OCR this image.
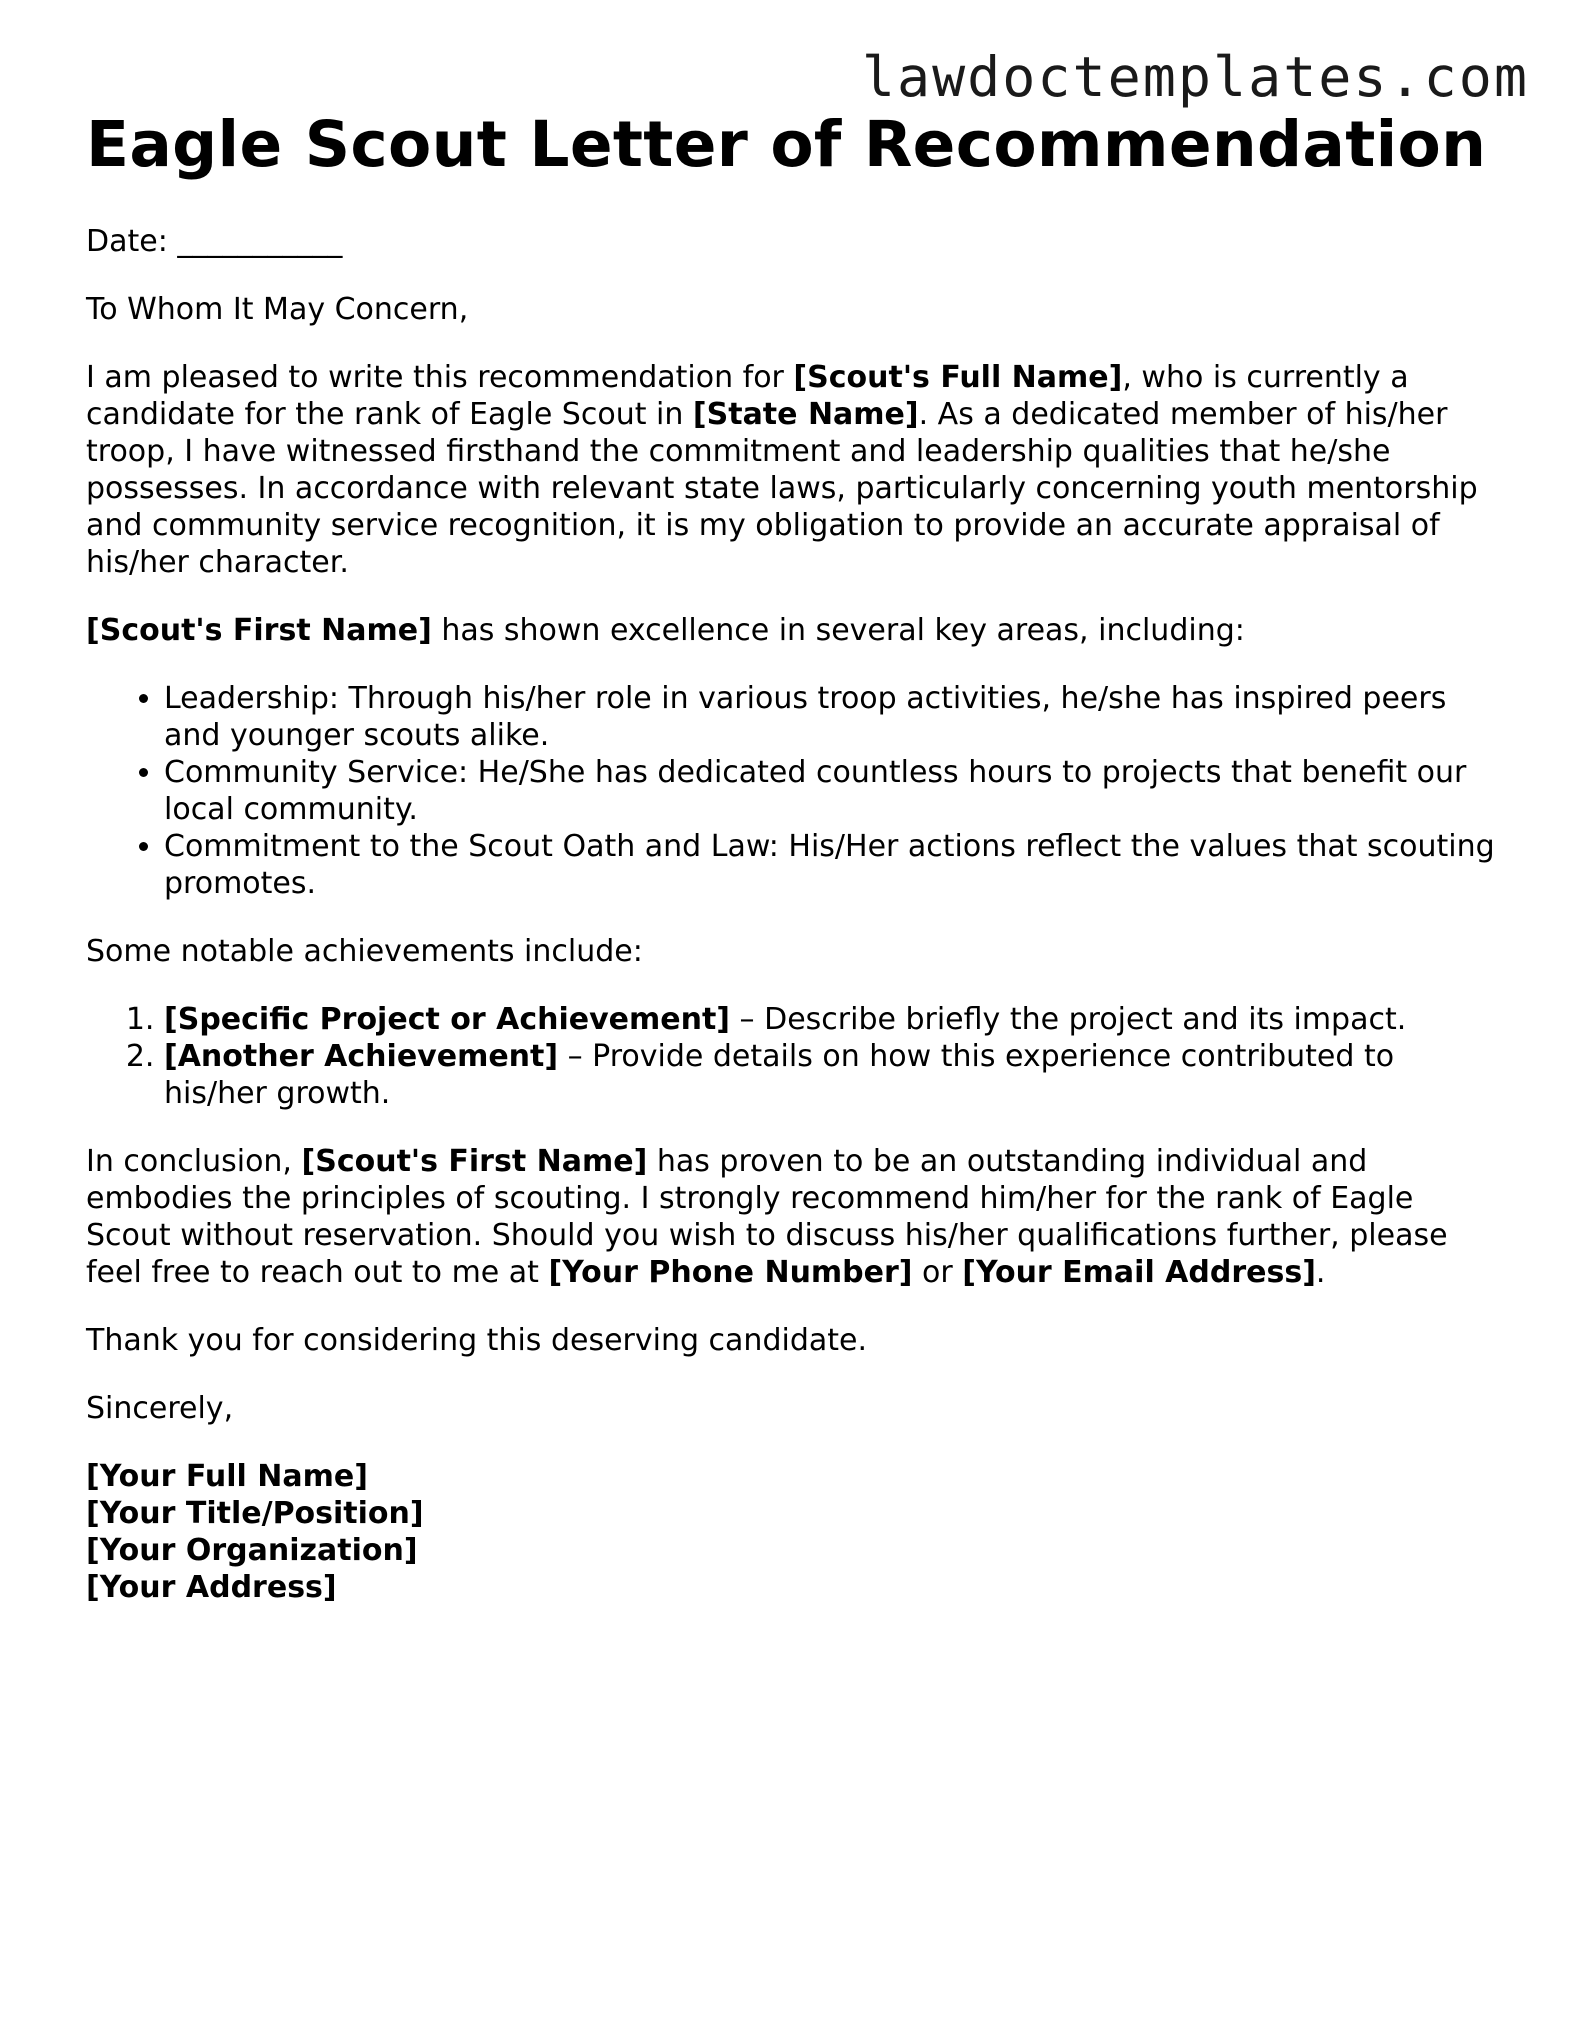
lawdoctemplates.com
Eagle Scout Letter of Recommendation

Date: ___________

To Whom It May Concern,

I am pleased to write this recommendation for [Scout's Full Name], who is currently a candidate for the rank of Eagle Scout in [State Name]. As a dedicated member of his/her troop, I have witnessed firsthand the commitment and leadership qualities that he/she possesses. In accordance with relevant state laws, particularly concerning youth mentorship and community service recognition, it is my obligation to provide an accurate appraisal of his/her character.

[Scout's First Name] has shown excellence in several key areas, including:

• Leadership: Through his/her role in various troop activities, he/she has inspired peers and younger scouts alike.
• Community Service: He/She has dedicated countless hours to projects that benefit our local community.
• Commitment to the Scout Oath and Law: His/Her actions reflect the values that scouting promotes.

Some notable achievements include:

1. [Specific Project or Achievement] – Describe briefly the project and its impact.
2. [Another Achievement] – Provide details on how this experience contributed to his/her growth.

In conclusion, [Scout's First Name] has proven to be an outstanding individual and embodies the principles of scouting. I strongly recommend him/her for the rank of Eagle Scout without reservation. Should you wish to discuss his/her qualifications further, please feel free to reach out to me at [Your Phone Number] or [Your Email Address].

Thank you for considering this deserving candidate.

Sincerely,

[Your Full Name]

[Your Title/Position]

[Your Organization]

[Your Address]
